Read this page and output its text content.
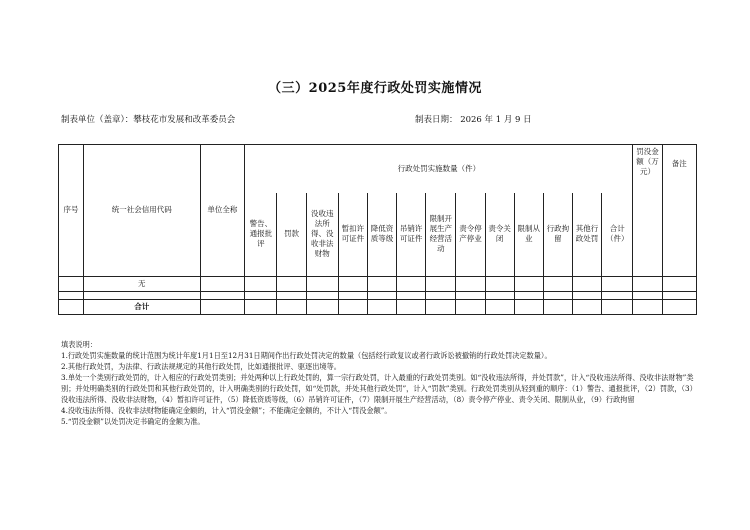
（三）2025年度行政处罚实施情况
制表单位（盖章）：攀枝花市发展和改革委员会	制表日期： 2026 年 1 月 9 日
序号	统一社会信用代码	单位全称	行政处罚实施数量（件）													罚没金额（万元）	备注
			警告、通报批评	罚款	没收违法所得、没收非法财物	暂扣许可证件	降低资质等级	吊销许可证件	限制开展生产经营活动	责令停产停业	责令关闭	限制从业	行政拘留	其他行政处罚	合计（件）		
	无																

	合计																
填表说明：
1.行政处罚实施数量的统计范围为统计年度1月1日至12月31日期间作出行政处罚决定的数量（包括经行政复议或者行政诉讼被撤销的行政处罚决定数量）。
2.其他行政处罚，为法律、行政法规规定的其他行政处罚，比如通报批评、驱逐出境等。
3.单处一个类别行政处罚的，计入相应的行政处罚类别；并处两种以上行政处罚的，算一宗行政处罚，计入最重的行政处罚类别。如“没收违法所得，并处罚款”，计入“没收违法所得、没收非法财物”类别；并处明确类别的行政处罚和其他行政处罚的，计入明确类别的行政处罚，如“处罚款，并处其他行政处罚”，计入“罚款”类别。行政处罚类别从轻到重的顺序：（1）警告、通报批评，（2）罚款，（3）没收违法所得、没收非法财物，（4）暂扣许可证件，（5）降低资质等级，（6）吊销许可证件，（7）限制开展生产经营活动，（8）责令停产停业、责令关闭、限制从业，（9）行政拘留
4.没收违法所得、没收非法财物能确定金额的，计入“罚没金额”；不能确定金额的，不计入“罚没金额”。
5.“罚没金额”以处罚决定书确定的金额为准。
